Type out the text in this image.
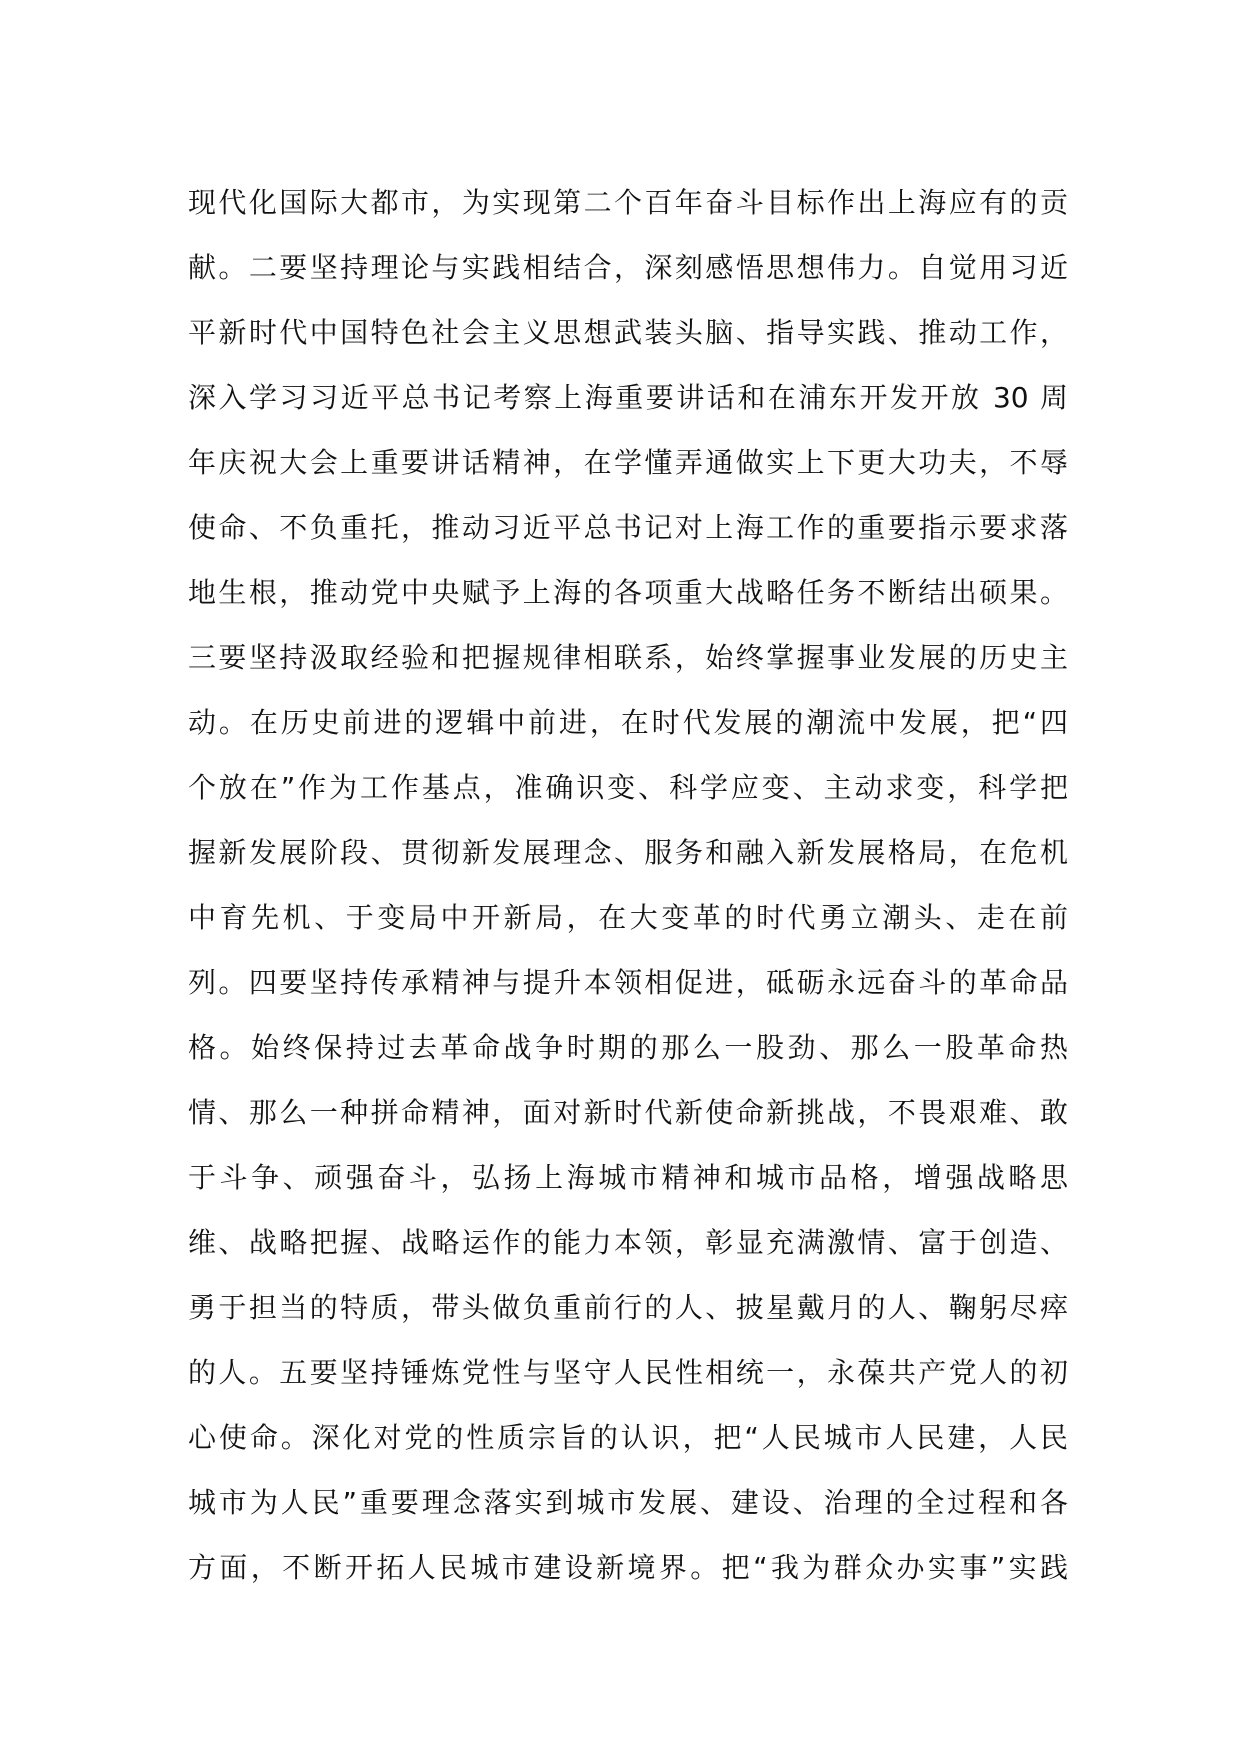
现代化国际大都市，为实现第二个百年奋斗目标作出上海应有的贡
献。二要坚持理论与实践相结合，深刻感悟思想伟力。自觉用习近
平新时代中国特色社会主义思想武装头脑、指导实践、推动工作，
深入学习习近平总书记考察上海重要讲话和在浦东开发开放 30 周
年庆祝大会上重要讲话精神，在学懂弄通做实上下更大功夫，不辱
使命、不负重托，推动习近平总书记对上海工作的重要指示要求落
地生根，推动党中央赋予上海的各项重大战略任务不断结出硕果。
三要坚持汲取经验和把握规律相联系，始终掌握事业发展的历史主
动。在历史前进的逻辑中前进，在时代发展的潮流中发展，把“四
个放在”作为工作基点，准确识变、科学应变、主动求变，科学把
握新发展阶段、贯彻新发展理念、服务和融入新发展格局，在危机
中育先机、于变局中开新局，在大变革的时代勇立潮头、走在前
列。四要坚持传承精神与提升本领相促进，砥砺永远奋斗的革命品
格。始终保持过去革命战争时期的那么一股劲、那么一股革命热
情、那么一种拼命精神，面对新时代新使命新挑战，不畏艰难、敢
于斗争、顽强奋斗，弘扬上海城市精神和城市品格，增强战略思
维、战略把握、战略运作的能力本领，彰显充满激情、富于创造、
勇于担当的特质，带头做负重前行的人、披星戴月的人、鞠躬尽瘁
的人。五要坚持锤炼党性与坚守人民性相统一，永葆共产党人的初
心使命。深化对党的性质宗旨的认识，把“人民城市人民建，人民
城市为人民”重要理念落实到城市发展、建设、治理的全过程和各
方面，不断开拓人民城市建设新境界。把“我为群众办实事”实践
